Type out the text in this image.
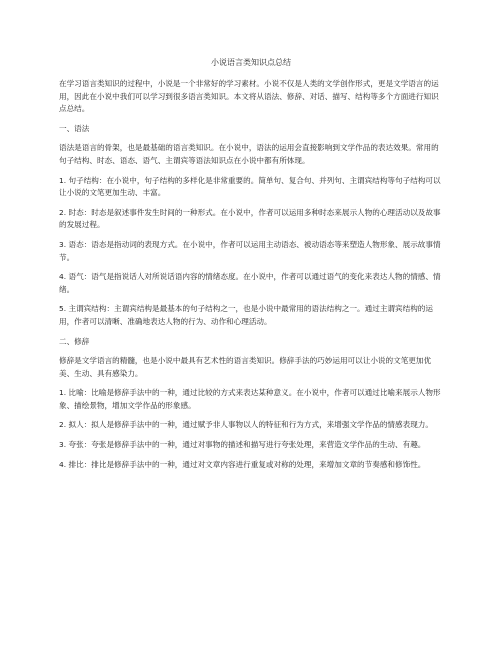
小说语言类知识点总结

在学习语言类知识的过程中，小说是一个非常好的学习素材。小说不仅是人类的文学创作形式，更是文学语言的运用，因此在小说中我们可以学习到很多语言类知识。本文将从语法、修辞、对话、描写、结构等多个方面进行知识点总结。

一、语法

语法是语言的骨架，也是最基础的语言类知识。在小说中，语法的运用会直接影响到文学作品的表达效果。常用的句子结构、时态、语态、语气、主谓宾等语法知识点在小说中都有所体现。

1. 句子结构：在小说中，句子结构的多样化是非常重要的。简单句、复合句、并列句、主谓宾结构等句子结构可以让小说的文笔更加生动、丰富。

2. 时态：时态是叙述事件发生时间的一种形式。在小说中，作者可以运用多种时态来展示人物的心理活动以及故事的发展过程。

3. 语态：语态是指动词的表现方式。在小说中，作者可以运用主动语态、被动语态等来塑造人物形象、展示故事情节。

4. 语气：语气是指说话人对所说话语内容的情绪态度。在小说中，作者可以通过语气的变化来表达人物的情感、情绪。

5. 主谓宾结构：主谓宾结构是最基本的句子结构之一，也是小说中最常用的语法结构之一。通过主谓宾结构的运用，作者可以清晰、准确地表达人物的行为、动作和心理活动。

二、修辞

修辞是文学语言的精髓，也是小说中最具有艺术性的语言类知识。修辞手法的巧妙运用可以让小说的文笔更加优美、生动、具有感染力。

1. 比喻：比喻是修辞手法中的一种，通过比较的方式来表达某种意义。在小说中，作者可以通过比喻来展示人物形象、描绘景物，增加文学作品的形象感。

2. 拟人：拟人是修辞手法中的一种，通过赋予非人事物以人的特征和行为方式，来增强文学作品的情感表现力。

3. 夸张：夸张是修辞手法中的一种，通过对事物的描述和描写进行夸张处理，来营造文学作品的生动、有趣。

4. 排比：排比是修辞手法中的一种，通过对文章内容进行重复或对称的处理，来增加文章的节奏感和修饰性。
